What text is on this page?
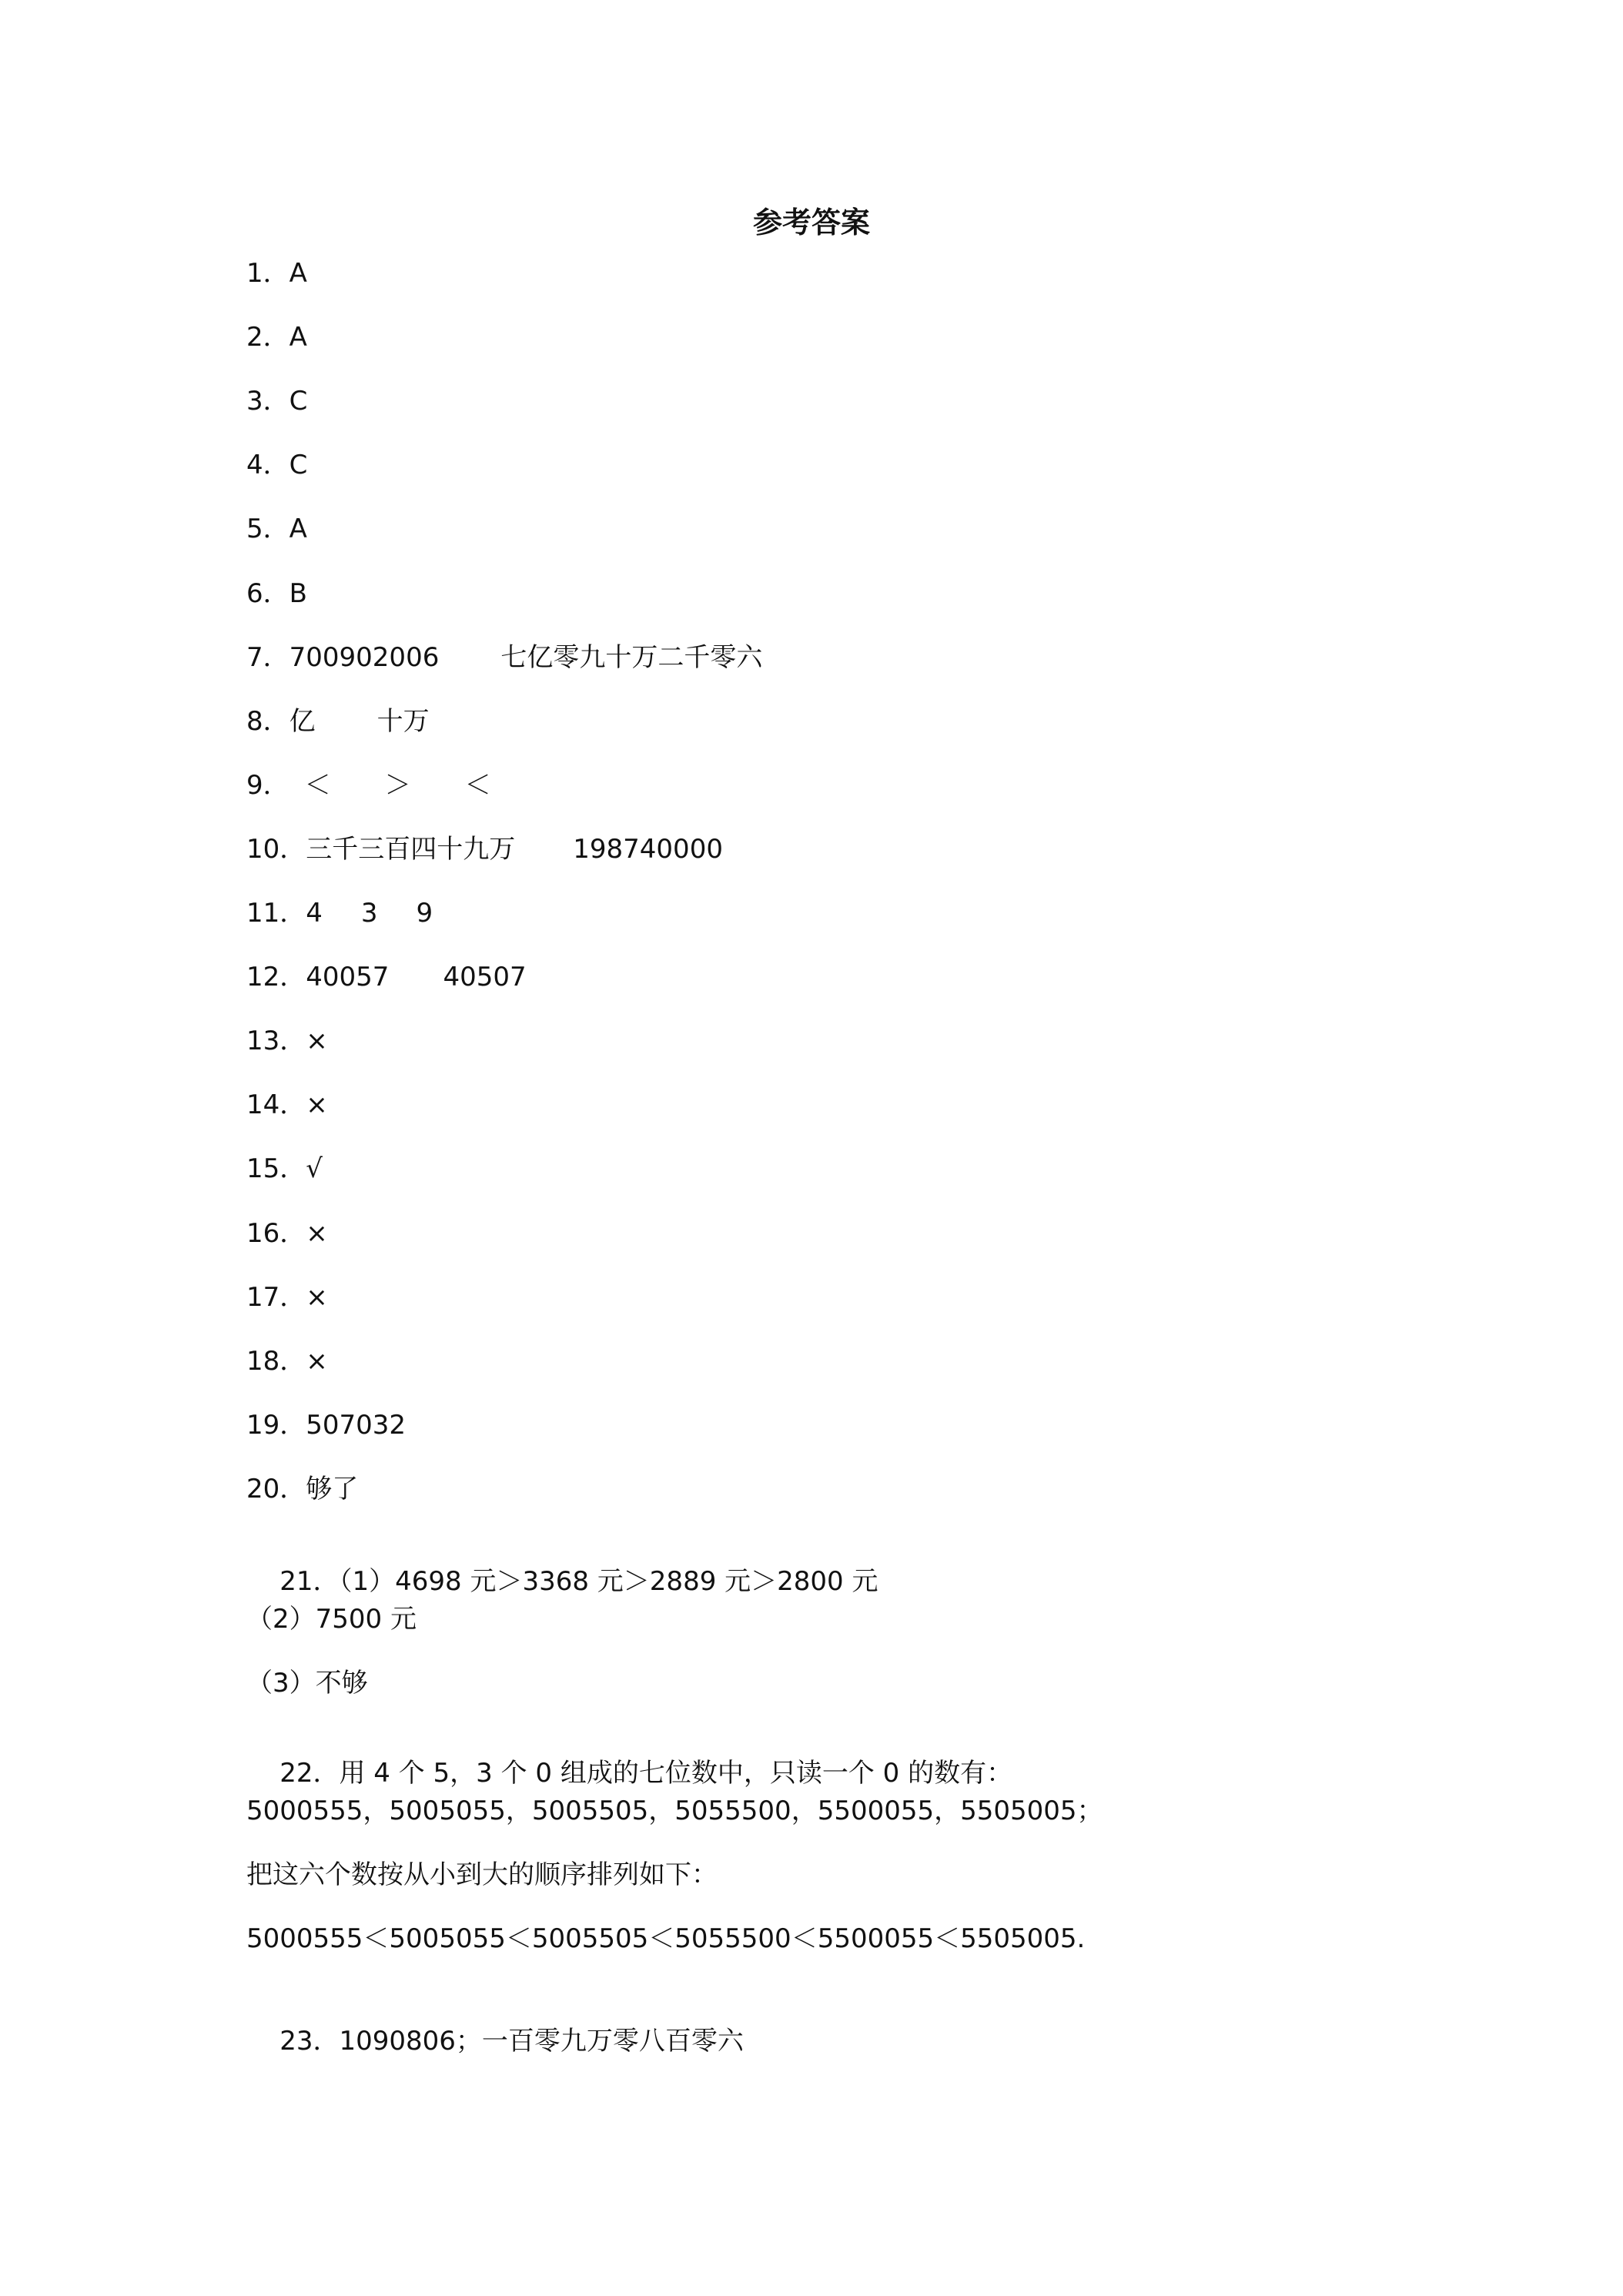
参考答案
1．A
2．A
3．C
4．C
5．A
6．B
7．700902006 七亿零九十万二千零六
8．亿 十万
9． ＜ ＞ ＜
10．三千三百四十九万 198740000
11．4 3 9
12．40057 40507
13．×
14．×
15．√
16．×
17．×
18．×
19．507032
20．够了

21．（1）4698 元＞3368 元＞2889 元＞2800 元

（2）7500 元
（3）不够

22．用 4 个 5，3 个 0 组成的七位数中，只读一个 0 的数有：

5000555，5005055，5005505，5055500，5500055，5505005；
把这六个数按从小到大的顺序排列如下：
5000555＜5005055＜5005505＜5055500＜5500055＜5505005.

23．1090806；一百零九万零八百零六
